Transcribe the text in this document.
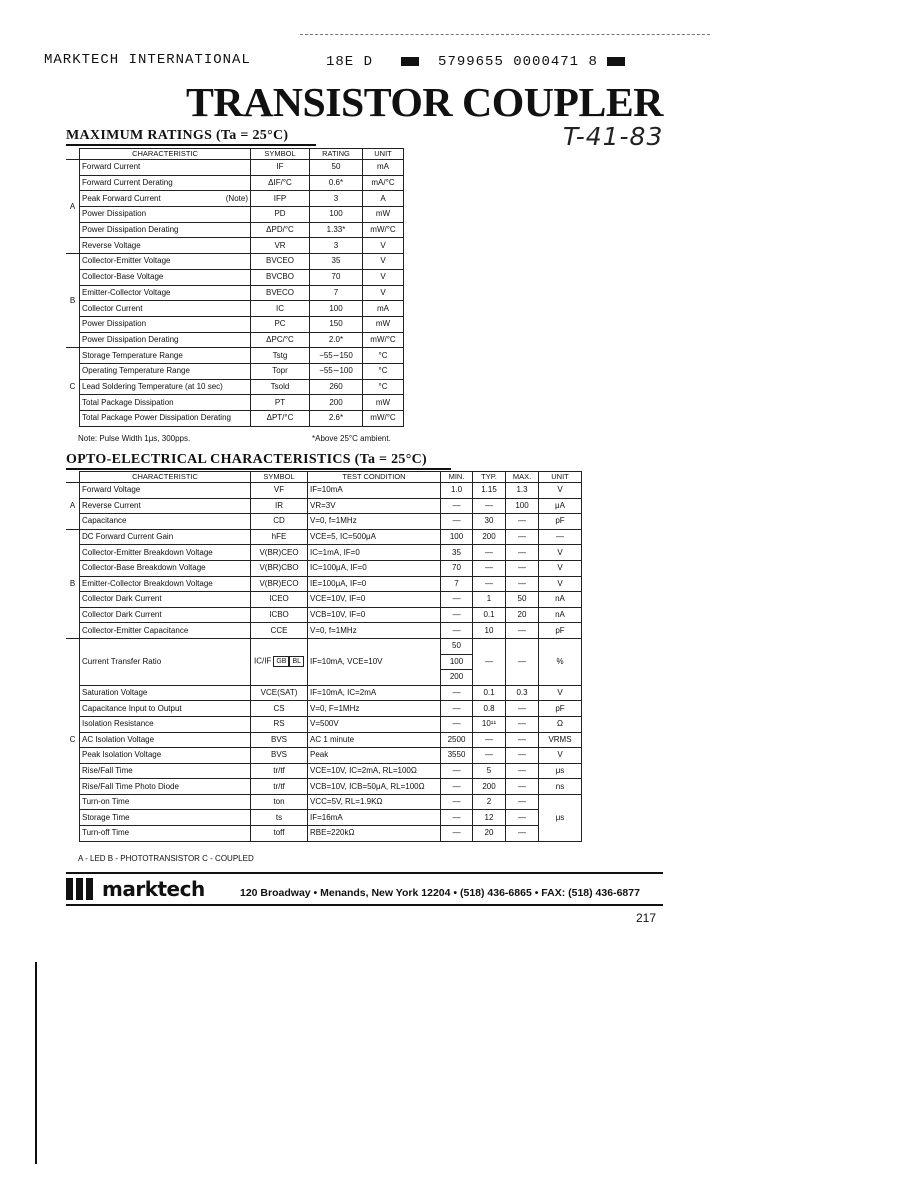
MARKTECH INTERNATIONAL	18E D	5799655 0000471 8
TRANSISTOR COUPLER
T-41-83
MAXIMUM RATINGS (Ta = 25°C)
	CHARACTERISTIC	SYMBOL	RATING	UNIT
A	Forward Current	IF	50	mA
	Forward Current Derating	ΔIF/°C	0.6*	mA/°C
	Peak Forward Current (Note)	IFP	3	A
	Power Dissipation	PD	100	mW
	Power Dissipation Derating	ΔPD/°C	1.33*	mW/°C
	Reverse Voltage	VR	3	V
B	Collector-Emitter Voltage	BVCEO	35	V
	Collector-Base Voltage	BVCBO	70	V
	Emitter-Collector Voltage	BVECO	7	V
	Collector Current	IC	100	mA
	Power Dissipation	PC	150	mW
	Power Dissipation Derating	ΔPC/°C	2.0*	mW/°C
C	Storage Temperature Range	Tstg	−55∼150	°C
	Operating Temperature Range	Topr	−55∼100	°C
	Lead Soldering Temperature (at 10 sec)	Tsold	260	°C
	Total Package Dissipation	PT	200	mW
	Total Package Power Dissipation Derating	ΔPT/°C	2.6*	mW/°C
Note: Pulse Width 1μs, 300pps.	*Above 25°C ambient.
OPTO-ELECTRICAL CHARACTERISTICS (Ta = 25°C)
	CHARACTERISTIC	SYMBOL	TEST CONDITION	MIN.	TYP.	MAX.	UNIT
A	Forward Voltage	VF	IF=10mA	1.0	1.15	1.3	V
	Reverse Current	IR	VR=3V	—	—	100	μA
	Capacitance	CD	V=0, f=1MHz	—	30	—	pF
B	DC Forward Current Gain	hFE	VCE=5, IC=500μA	100	200	—	—
	Collector-Emitter Breakdown Voltage	V(BR)CEO	IC=1mA, IF=0	35	—	—	V
	Collector-Base Breakdown Voltage	V(BR)CBO	IC=100μA, IF=0	70	—	—	V
	Emitter-Collector Breakdown Voltage	V(BR)ECO	IE=100μA, IF=0	7	—	—	V
	Collector Dark Current	ICEO	VCE=10V, IF=0	—	1	50	nA
	Collector Dark Current	ICBO	VCB=10V, IF=0	—	0.1	20	nA
	Collector-Emitter Capacitance	CCE	V=0, f=1MHz	—	10	—	pF
C	Current Transfer Ratio	IC/IF GB BL	IF=10mA, VCE=10V	50	—	—	%
				100			
				200			
	Saturation Voltage	VCE(SAT)	IF=10mA, IC=2mA	—	0.1	0.3	V
	Capacitance Input to Output	CS	V=0, F=1MHz	—	0.8	—	pF
	Isolation Resistance	RS	V=500V	—	10¹¹	—	Ω
	AC Isolation Voltage	BVS	AC 1 minute	2500	—	—	VRMS
	Peak Isolation Voltage	BVS	Peak	3550	—	—	V
	Rise/Fall Time	tr/tf	VCE=10V, IC=2mA, RL=100Ω	—	5	—	μs
	Rise/Fall Time Photo Diode	tr/tf	VCB=10V, ICB=50μA, RL=100Ω	—	200	—	ns
	Turn-on Time	ton	VCC=5V, RL=1.9KΩ	—	2	—	μs
	Storage Time	ts	IF=16mA	—	12	—	
	Turn-off Time	toff	RBE=220kΩ	—	20	—	
A - LED B - PHOTOTRANSISTOR C - COUPLED
marktech	120 Broadway • Menands, New York 12204 • (518) 436-6865 • FAX: (518) 436-6877
217
